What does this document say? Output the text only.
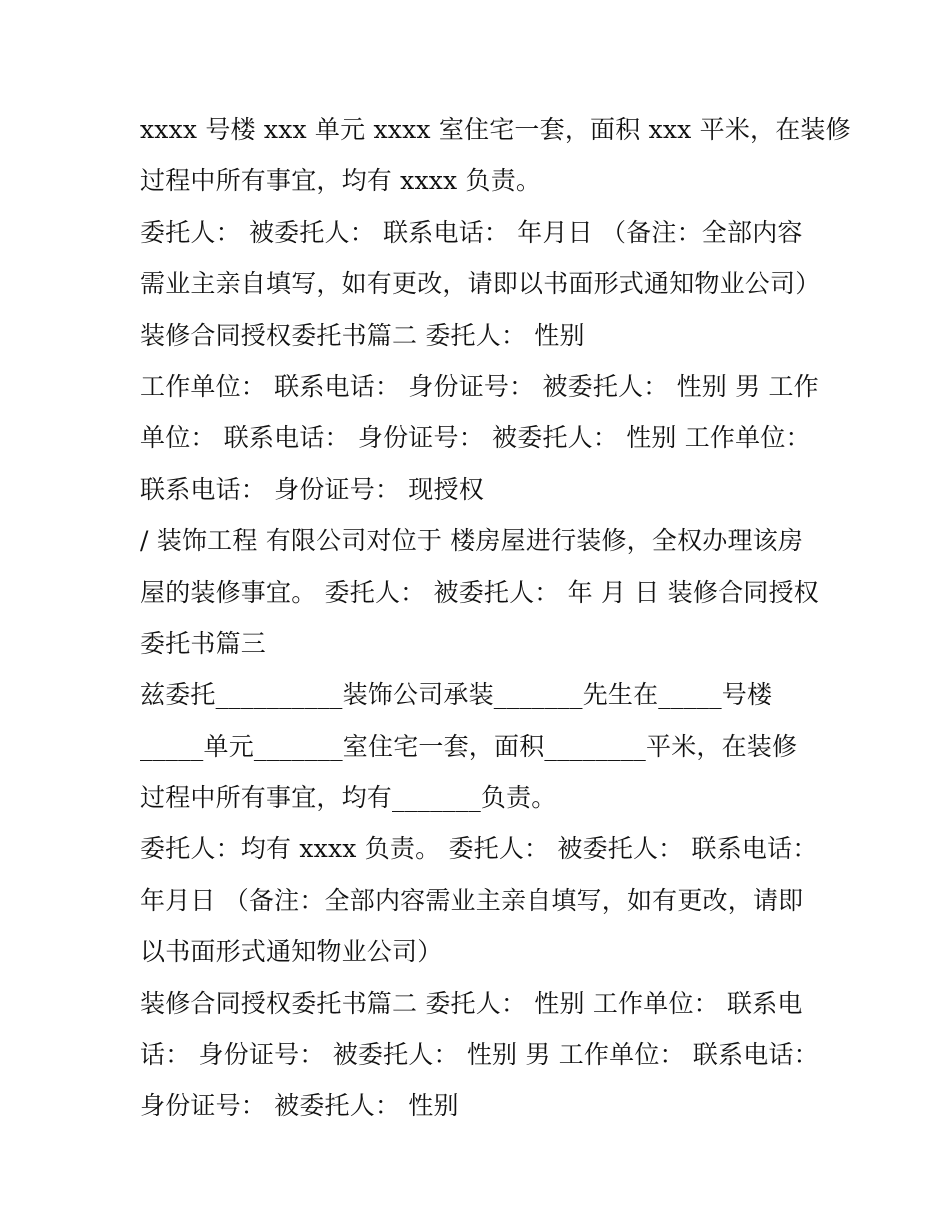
xxxx 号楼 xxx 单元 xxxx 室住宅一套，面积 xxx 平米，在装修
过程中所有事宜，均有 xxxx 负责。
委托人： 被委托人： 联系电话： 年月日 （备注：全部内容
需业主亲自填写，如有更改，请即以书面形式通知物业公司）
装修合同授权委托书篇二 委托人： 性别
工作单位： 联系电话： 身份证号： 被委托人： 性别 男 工作
单位： 联系电话： 身份证号： 被委托人： 性别 工作单位：
联系电话： 身份证号： 现授权
/ 装饰工程 有限公司对位于 楼房屋进行装修，全权办理该房
屋的装修事宜。 委托人： 被委托人： 年 月 日 装修合同授权
委托书篇三
兹委托__________装饰公司承装_______先生在_____号楼
_____单元_______室住宅一套，面积________平米，在装修
过程中所有事宜，均有_______负责。
委托人：均有 xxxx 负责。 委托人： 被委托人： 联系电话：
年月日 （备注：全部内容需业主亲自填写，如有更改，请即
以书面形式通知物业公司）
装修合同授权委托书篇二 委托人： 性别 工作单位： 联系电
话： 身份证号： 被委托人： 性别 男 工作单位： 联系电话：
身份证号： 被委托人： 性别
